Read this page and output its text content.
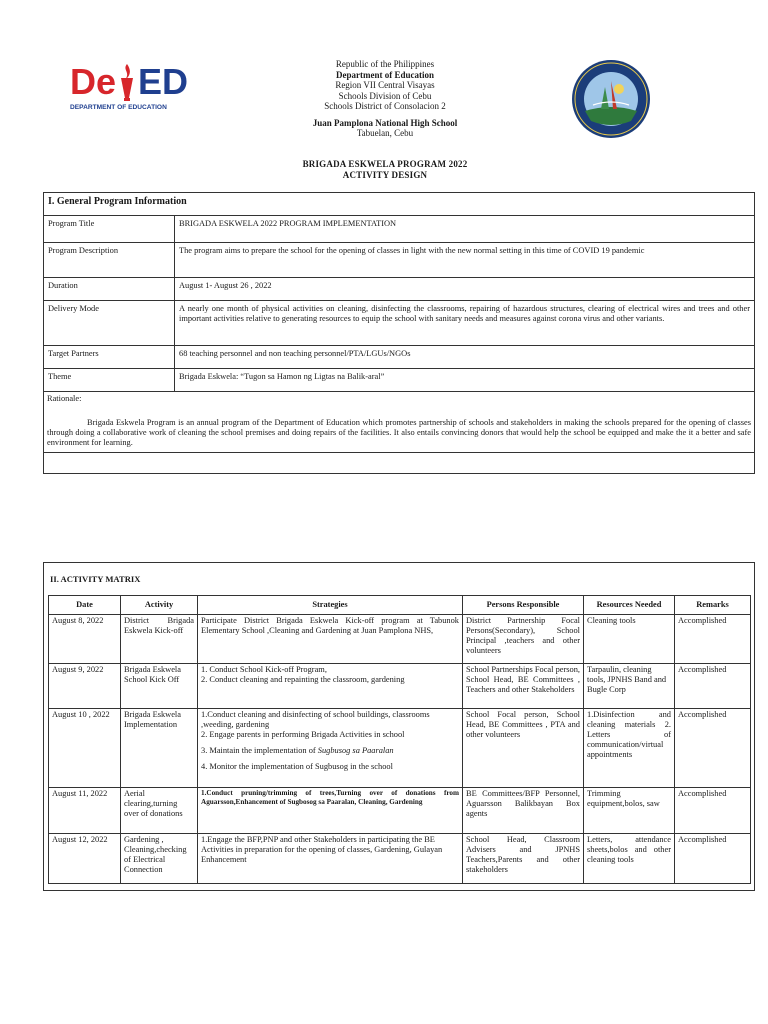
De ED
DEPARTMENT OF EDUCATION
Republic of the Philippines
Department of Education
Region VII Central Visayas
Schools Division of Cebu
Schools District of Consolacion 2
Juan Pamplona National High School
Tabuelan, Cebu
BRIGADA ESKWELA PROGRAM 2022
ACTIVITY DESIGN
I. General Program Information
Program Title	BRIGADA ESKWELA 2022 PROGRAM IMPLEMENTATION
Program Description	The program aims to prepare the school for the opening of classes in light with the new normal setting in this time of COVID 19 pandemic
Duration	August 1- August 26 , 2022
Delivery Mode	A nearly one month of physical activities on cleaning, disinfecting the classrooms, repairing of hazardous structures, clearing of electrical wires and trees and other important activities relative to generating resources to equip the school with sanitary needs and measures against corona virus and other variants.
Target Partners	68 teaching personnel and non teaching personnel/PTA/LGUs/NGOs
Theme	Brigada Eskwela: “Tugon sa Hamon ng Ligtas na Balik-aral”
Rationale:

Brigada Eskwela Program is an annual program of the Department of Education which promotes partnership of schools and stakeholders in making the schools prepared for the opening of classes through doing a collaborative work of cleaning the school premises and doing repairs of the facilities. It also entails convincing donors that would help the school be equipped and make the it a better and safe environment for learning.

II. ACTIVITY MATRIX
Date	Activity	Strategies	Persons Responsible	Resources Needed	Remarks
August 8, 2022	District Brigada Eskwela Kick-off	Participate District Brigada Eskwela Kick-off program at Tabunok Elementary School ,Cleaning and Gardening at Juan Pamplona NHS,	District Partnership Focal Persons(Secondary), School Principal ,teachers and other volunteers	Cleaning tools	Accomplished
August 9, 2022	Brigada Eskwela School Kick Off	1. Conduct School Kick-off Program,
2. Conduct cleaning and repainting the classroom, gardening	School Partnerships Focal person, School Head, BE Committees , Teachers and other Stakeholders	Tarpaulin, cleaning tools, JPNHS Band and Bugle Corp	Accomplished
August 10 , 2022	Brigada Eskwela Implementation	1.Conduct cleaning and disinfecting of school buildings, classrooms ,weeding, gardening
2. Engage parents in performing Brigada Activities in school
3. Maintain the implementation of Sugbusog sa Paaralan
4. Monitor the implementation of Sugbusog in the school	School Focal person, School Head, BE Committees , PTA and other volunteers	1.Disinfection and cleaning materials 2. Letters of communication/virtual appointments	Accomplished
August 11, 2022	Aerial clearing,turning over of donations	1.Conduct pruning/trimming of trees,Turning over of donations from Aguarsson,Enhancement of Sugbosog sa Paaralan, Cleaning, Gardening	BE Committees/BFP Personnel, Aguarsson Balikbayan Box agents	Trimming equipment,bolos, saw	Accomplished
August 12, 2022	Gardening , Cleaning,checking of Electrical Connection	1.Engage the BFP,PNP and other Stakeholders in participating the BE Activities in preparation for the opening of classes, Gardening, Gulayan Enhancement	School Head, Classroom Advisers and JPNHS Teachers,Parents and other stakeholders	Letters, attendance sheets,bolos and other cleaning tools	Accomplished
